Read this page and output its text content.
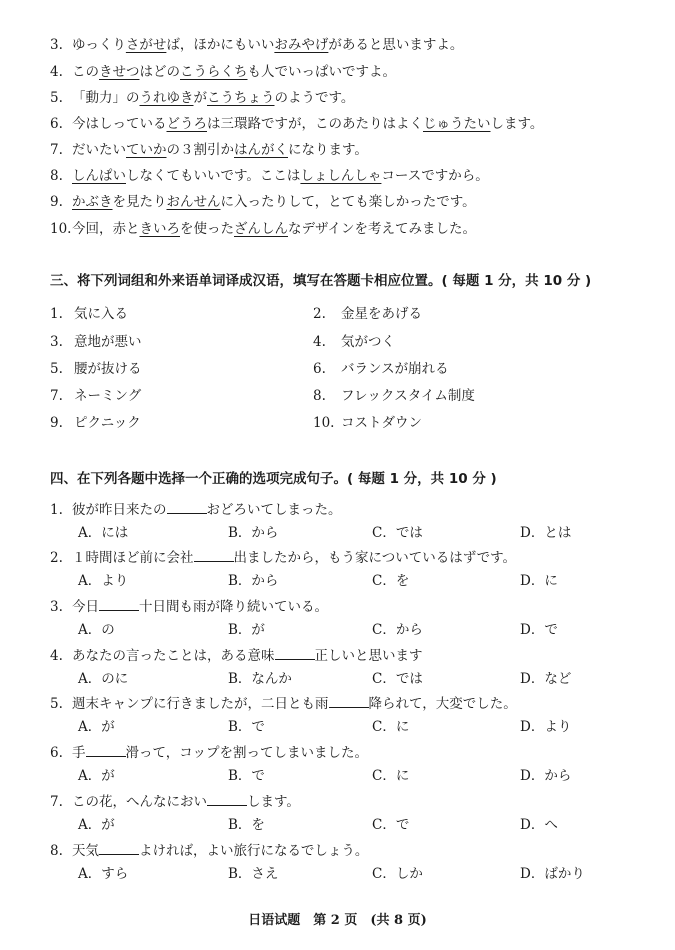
3. ゆっくりさがせば，ほかにもいいおみやげがあると思いますよ。
4. このきせつはどのこうらくちも人でいっぱいですよ。
5. 「動力」のうれゆきがこうちょうのようです。
6. 今はしっているどうろは三環路ですが，このあたりはよくじゅうたいします。
7. だいたいていかの３割引かはんがくになります。
8. しんぱいしなくてもいいです。ここはしょしんしゃコースですから。
9. かぶきを見たりおんせんに入ったりして，とても楽しかったです。
10.今回，赤ときいろを使ったざんしんなデザインを考えてみました。
三、将下列词组和外来语单词译成汉语，填写在答题卡相应位置。( 每题 1 分，共 10 分 )
1. 気に入る	2. 金星をあげる
3. 意地が悪い	4. 気がつく
5. 腰が抜ける	6. バランスが崩れる
7. ネーミング	8. フレックスタイム制度
9. ピクニック	10. コストダウン
四、在下列各题中选择一个正确的选项完成句子。( 每题 1 分，共 10 分 )
1. 彼が昨日来たの	おどろいてしまった。
A．には	B．から	C．では	D．とは
2. １時間ほど前に会社	出ましたから，もう家についているはずです。
A．より	B．から	C．を	D．に
3. 今日	十日間も雨が降り続いている。
A．の	B．が	C．から	D．で
4. あなたの言ったことは，ある意味	正しいと思います
A．のに	B．なんか	C．では	D．など
5. 週末キャンプに行きましたが，二日とも雨	降られて，大変でした。
A．が	B．で	C．に	D．より
6. 手	滑って，コップを割ってしまいました。
A．が	B．で	C．に	D．から
7. この花，へんなにおい	します。
A．が	B．を	C．で	D．へ
8. 天気	よければ，よい旅行になるでしょう。
A．すら	B．さえ	C．しか	D．ばかり
日语试题　第 2 页　(共 8 页)
